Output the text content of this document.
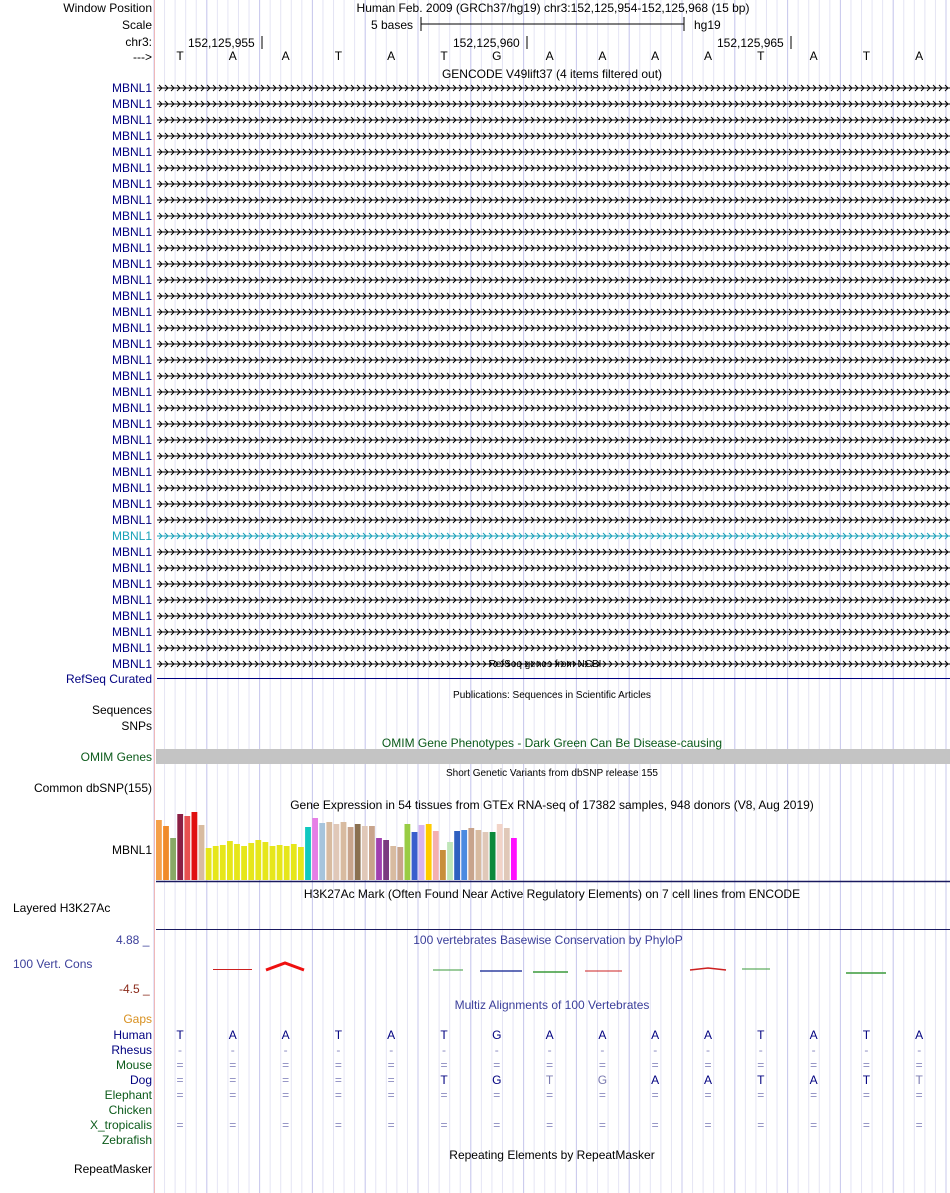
Window Position
Scale
chr3:
--->
Human Feb. 2009 (GRCh37/hg19) chr3:152,125,954-152,125,968 (15 bp)
5 bases	hg19
152,125,955	152,125,960	152,125,965
T	A	A	T	A	T	G	A	A	A	A	T	A	T	A
GENCODE V49lift37 (4 items filtered out)
MBNL1
MBNL1
MBNL1
MBNL1
MBNL1
MBNL1
MBNL1
MBNL1
MBNL1
MBNL1
MBNL1
MBNL1
MBNL1
MBNL1
MBNL1
MBNL1
MBNL1
MBNL1
MBNL1
MBNL1
MBNL1
MBNL1
MBNL1
MBNL1
MBNL1
MBNL1
MBNL1
MBNL1
MBNL1
MBNL1
MBNL1
MBNL1
MBNL1
MBNL1
MBNL1
MBNL1
MBNL1	RefSeq genes from NCBI
RefSeq Curated
Publications: Sequences in Scientific Articles
Sequences
SNPs
OMIM Gene Phenotypes - Dark Green Can Be Disease-causing
OMIM Genes
Short Genetic Variants from dbSNP release 155
Common dbSNP(155)
Gene Expression in 54 tissues from GTEx RNA-seq of 17382 samples, 948 donors (V8, Aug 2019)
MBNL1
H3K27Ac Mark (Often Found Near Active Regulatory Elements) on 7 cell lines from ENCODE
Layered H3K27Ac
4.88 _	100 vertebrates Basewise Conservation by PhyloP
100 Vert. Cons
-4.5 _
Multiz Alignments of 100 Vertebrates
Gaps
Human T	A	A	T	A	T	G	A	A	A	A	T	A	T	A
Rhesus -	-	-	-	-	-	-	-	-	-	-	-	-	-	-
Mouse =	=	=	=	=	=	=	=	=	=	=	=	=	=	=
Dog =	=	=	=	=	T	G	T	G	A	A	T	A	T	T
Elephant =	=	=	=	=	=	=	=	=	=	=	=	=	=	=
Chicken
X_tropicalis =	=	=	=	=	=	=	=	=	=	=	=	=	=	=
Zebrafish
Repeating Elements by RepeatMasker
RepeatMasker
